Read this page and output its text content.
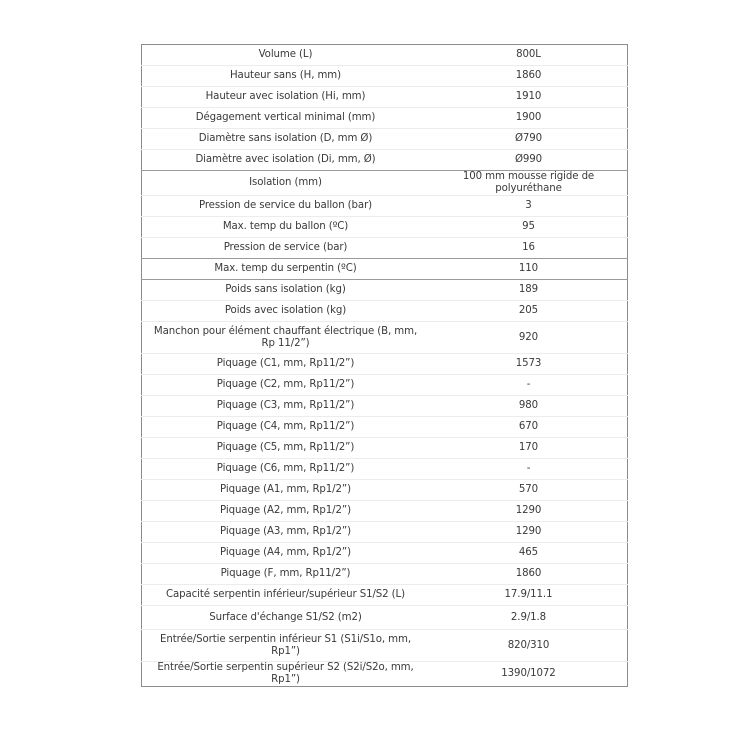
Volume (L)	800L
Hauteur sans (H, mm)	1860
Hauteur avec isolation (Hi, mm)	1910
Dégagement vertical minimal (mm)	1900
Diamètre sans isolation (D, mm Ø)	Ø790
Diamètre avec isolation (Di, mm, Ø)	Ø990
Isolation (mm)	100 mm mousse rigide de polyuréthane
Pression de service du ballon (bar)	3
Max. temp du ballon (ºC)	95
Pression de service (bar)	16
Max. temp du serpentin (ºC)	110
Poids sans isolation (kg)	189
Poids avec isolation (kg)	205
Manchon pour élément chauffant électrique (B, mm, Rp 11/2”)	920
Piquage (C1, mm, Rp11/2”)	1573
Piquage (C2, mm, Rp11/2”)	-
Piquage (C3, mm, Rp11/2”)	980
Piquage (C4, mm, Rp11/2”)	670
Piquage (C5, mm, Rp11/2”)	170
Piquage (C6, mm, Rp11/2”)	-
Piquage (A1, mm, Rp1/2”)	570
Piquage (A2, mm, Rp1/2”)	1290
Piquage (A3, mm, Rp1/2”)	1290
Piquage (A4, mm, Rp1/2”)	465
Piquage (F, mm, Rp11/2”)	1860
Capacité serpentin inférieur/supérieur S1/S2 (L)	17.9/11.1
Surface d'échange S1/S2 (m2)	2.9/1.8
Entrée/Sortie serpentin inférieur S1 (S1i/S1o, mm, Rp1”)	820/310
Entrée/Sortie serpentin supérieur S2 (S2i/S2o, mm, Rp1”)	1390/1072
